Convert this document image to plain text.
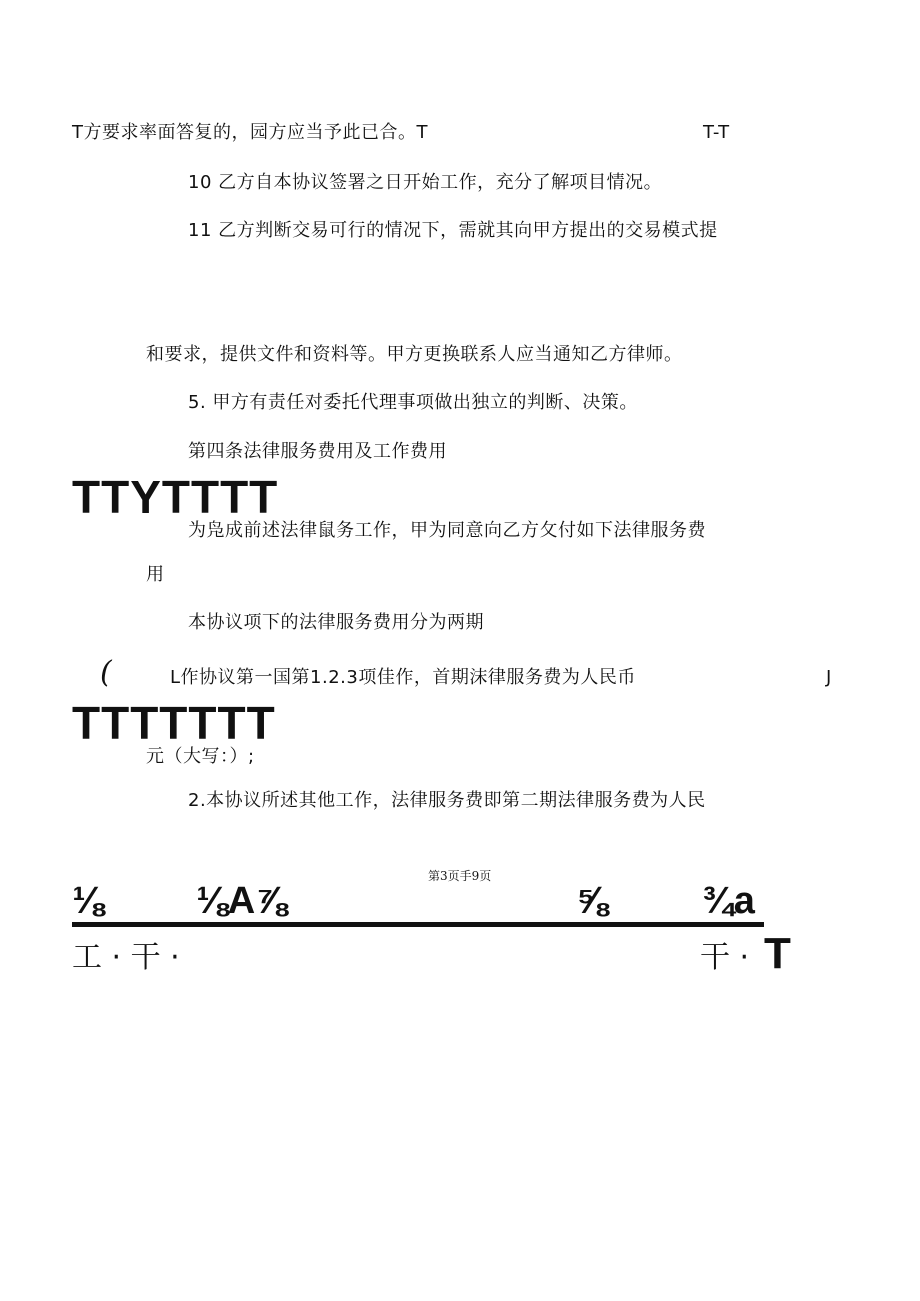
T方要求率面答复的，园方应当予此已合。T	T-T
10 乙方自本协议签署之日开始工作，充分了解项目情况。
11 乙方判断交易可行的情况下，需就其向甲方提出的交易模式提
和要求，提供文件和资料等。甲方更换联系人应当通知乙方律师。
5. 甲方有责任对委托代理事项做出独立的判断、决策。
第四条法律服务费用及工作费用
TTYTTTT
为凫成前述法律鼠务工作，甲为同意向乙方攵付如下法律服务费
用
本协议项下的法律服务费用分为两期
(	L作协议第一国第1.2.3项佳作，首期沫律服务费为人民币	J
TTTTTTT
元（大写：）;
2.本协议所述其他工作，法律服务费即第二期法律服务费为人民
第3页手9页
⅛ ⅛A⅞	⅝ ¾a
工 · 干 ·	干 · T
